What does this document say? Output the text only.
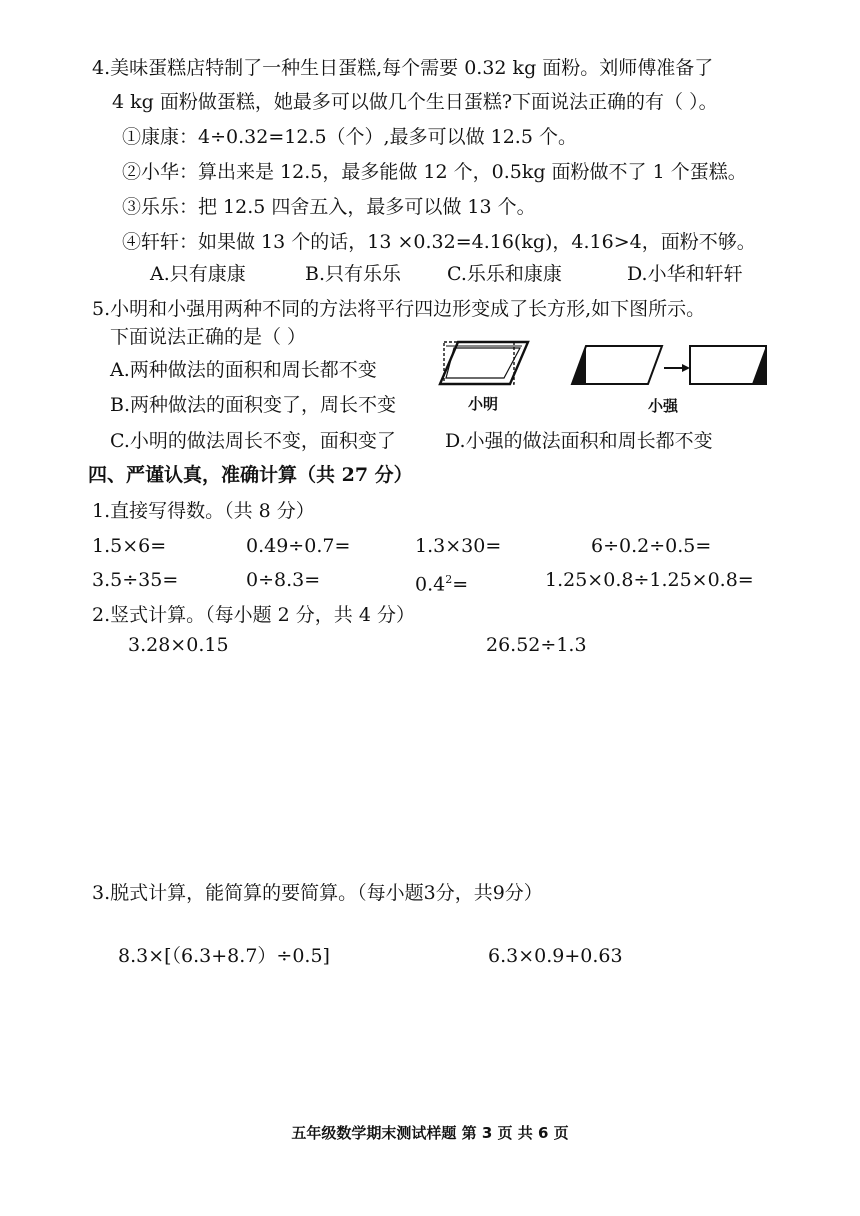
4.美味蛋糕店特制了一种生日蛋糕,每个需要 0.32 kg 面粉。刘师傅准备了
4 kg 面粉做蛋糕，她最多可以做几个生日蛋糕?下面说法正确的有（ ）。
①康康：4÷0.32=12.5（个）,最多可以做 12.5 个。
②小华：算出来是 12.5，最多能做 12 个，0.5kg 面粉做不了 1 个蛋糕。
③乐乐：把 12.5 四舍五入，最多可以做 13 个。
④轩轩：如果做 13 个的话，13 ×0.32=4.16(kg)，4.16>4，面粉不够。
A.只有康康	B.只有乐乐 C.乐乐和康康	D.小华和轩轩
5.小明和小强用两种不同的方法将平行四边形变成了长方形,如下图所示。
下面说法正确的是（ ）
A.两种做法的面积和周长都不变
B.两种做法的面积变了，周长不变
C.小明的做法周长不变，面积变了	D.小强的做法面积和周长都不变
小明	小强
四、严谨认真，准确计算（共 27 分）
1.直接写得数。（共 8 分）
1.5×6=	0.49÷0.7=	1.3×30=	6÷0.2÷0.5=
3.5÷35=	0÷8.3=	$0.4^2=$	1.25×0.8÷1.25×0.8=
2.竖式计算。（每小题 2 分，共 4 分）
3.28×0.15	26.52÷1.3
3.脱式计算，能简算的要简算。（每小题3分，共9分）
8.3×[（6.3+8.7）÷0.5]	6.3×0.9+0.63
五年级数学期末测试样题 第 3 页 共 6 页
